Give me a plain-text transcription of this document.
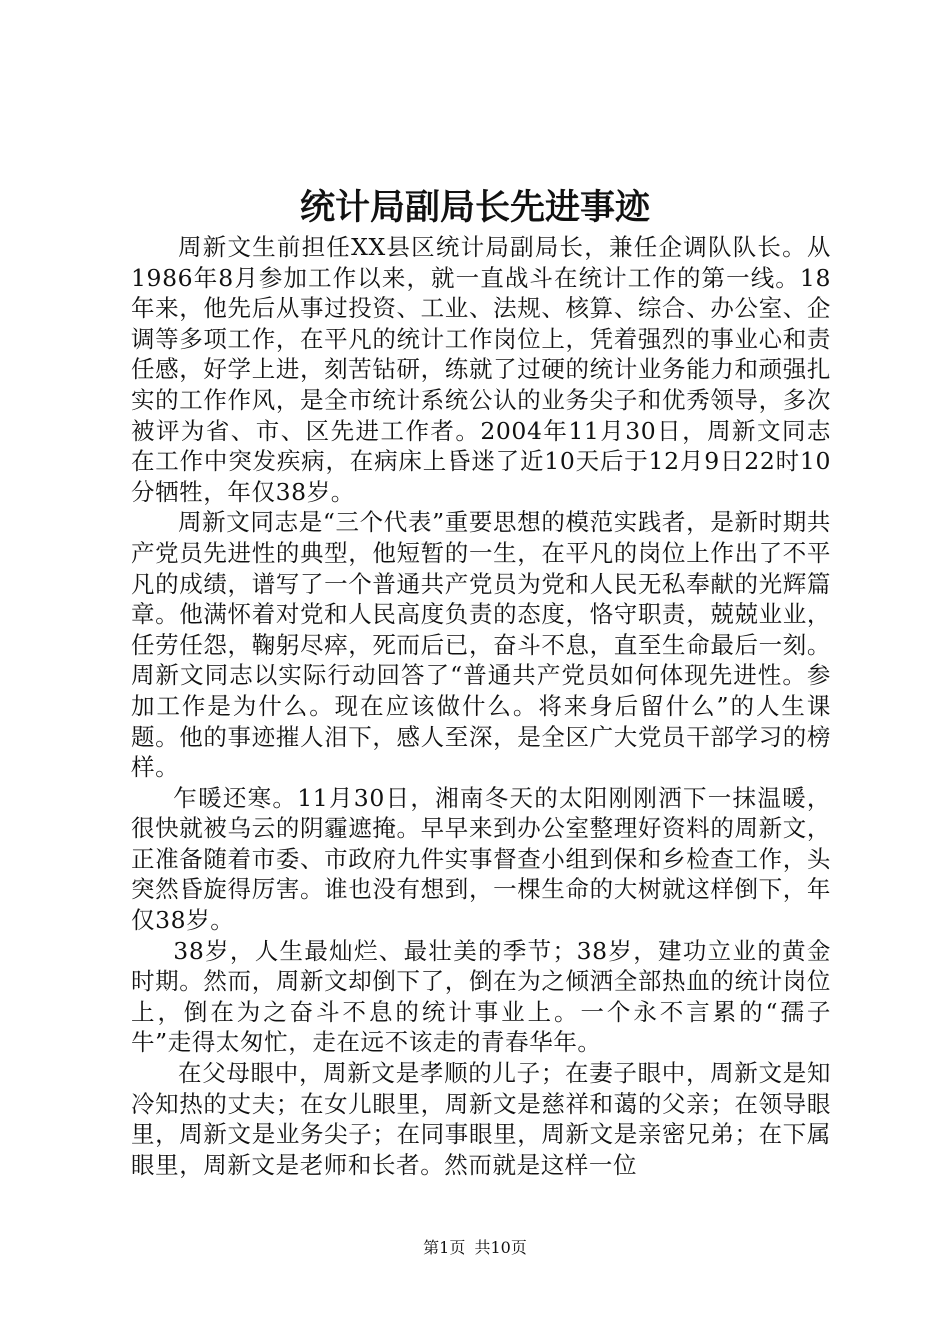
统计局副局长先进事迹

周新文生前担任XX县区统计局副局长，兼任企调队队长。从1986年8月参加工作以来，就一直战斗在统计工作的第一线。18年来，他先后从事过投资、工业、法规、核算、综合、办公室、企调等多项工作，在平凡的统计工作岗位上，凭着强烈的事业心和责任感，好学上进，刻苦钻研，练就了过硬的统计业务能力和顽强扎实的工作作风，是全市统计系统公认的业务尖子和优秀领导，多次被评为省、市、区先进工作者。2004年11月30日，周新文同志在工作中突发疾病，在病床上昏迷了近10天后于12月9日22时10分牺牲，年仅38岁。

周新文同志是“三个代表”重要思想的模范实践者，是新时期共产党员先进性的典型，他短暂的一生，在平凡的岗位上作出了不平凡的成绩，谱写了一个普通共产党员为党和人民无私奉献的光辉篇章。他满怀着对党和人民高度负责的态度，恪守职责，兢兢业业，任劳任怨，鞠躬尽瘁，死而后已，奋斗不息，直至生命最后一刻。周新文同志以实际行动回答了“普通共产党员如何体现先进性。参加工作是为什么。现在应该做什么。将来身后留什么”的人生课题。他的事迹摧人泪下，感人至深，是全区广大党员干部学习的榜样。

乍暖还寒。11月30日，湘南冬天的太阳刚刚洒下一抹温暖，很快就被乌云的阴霾遮掩。早早来到办公室整理好资料的周新文，正准备随着市委、市政府九件实事督查小组到保和乡检查工作，头突然昏旋得厉害。谁也没有想到，一棵生命的大树就这样倒下，年仅38岁。

38岁，人生最灿烂、最壮美的季节；38岁，建功立业的黄金时期。然而，周新文却倒下了，倒在为之倾洒全部热血的统计岗位上，倒在为之奋斗不息的统计事业上。一个永不言累的“孺子牛”走得太匆忙，走在远不该走的青春华年。

在父母眼中，周新文是孝顺的儿子；在妻子眼中，周新文是知冷知热的丈夫；在女儿眼里，周新文是慈祥和蔼的父亲；在领导眼里，周新文是业务尖子；在同事眼里，周新文是亲密兄弟；在下属眼里，周新文是老师和长者。然而就是这样一位

第1页 共10页
